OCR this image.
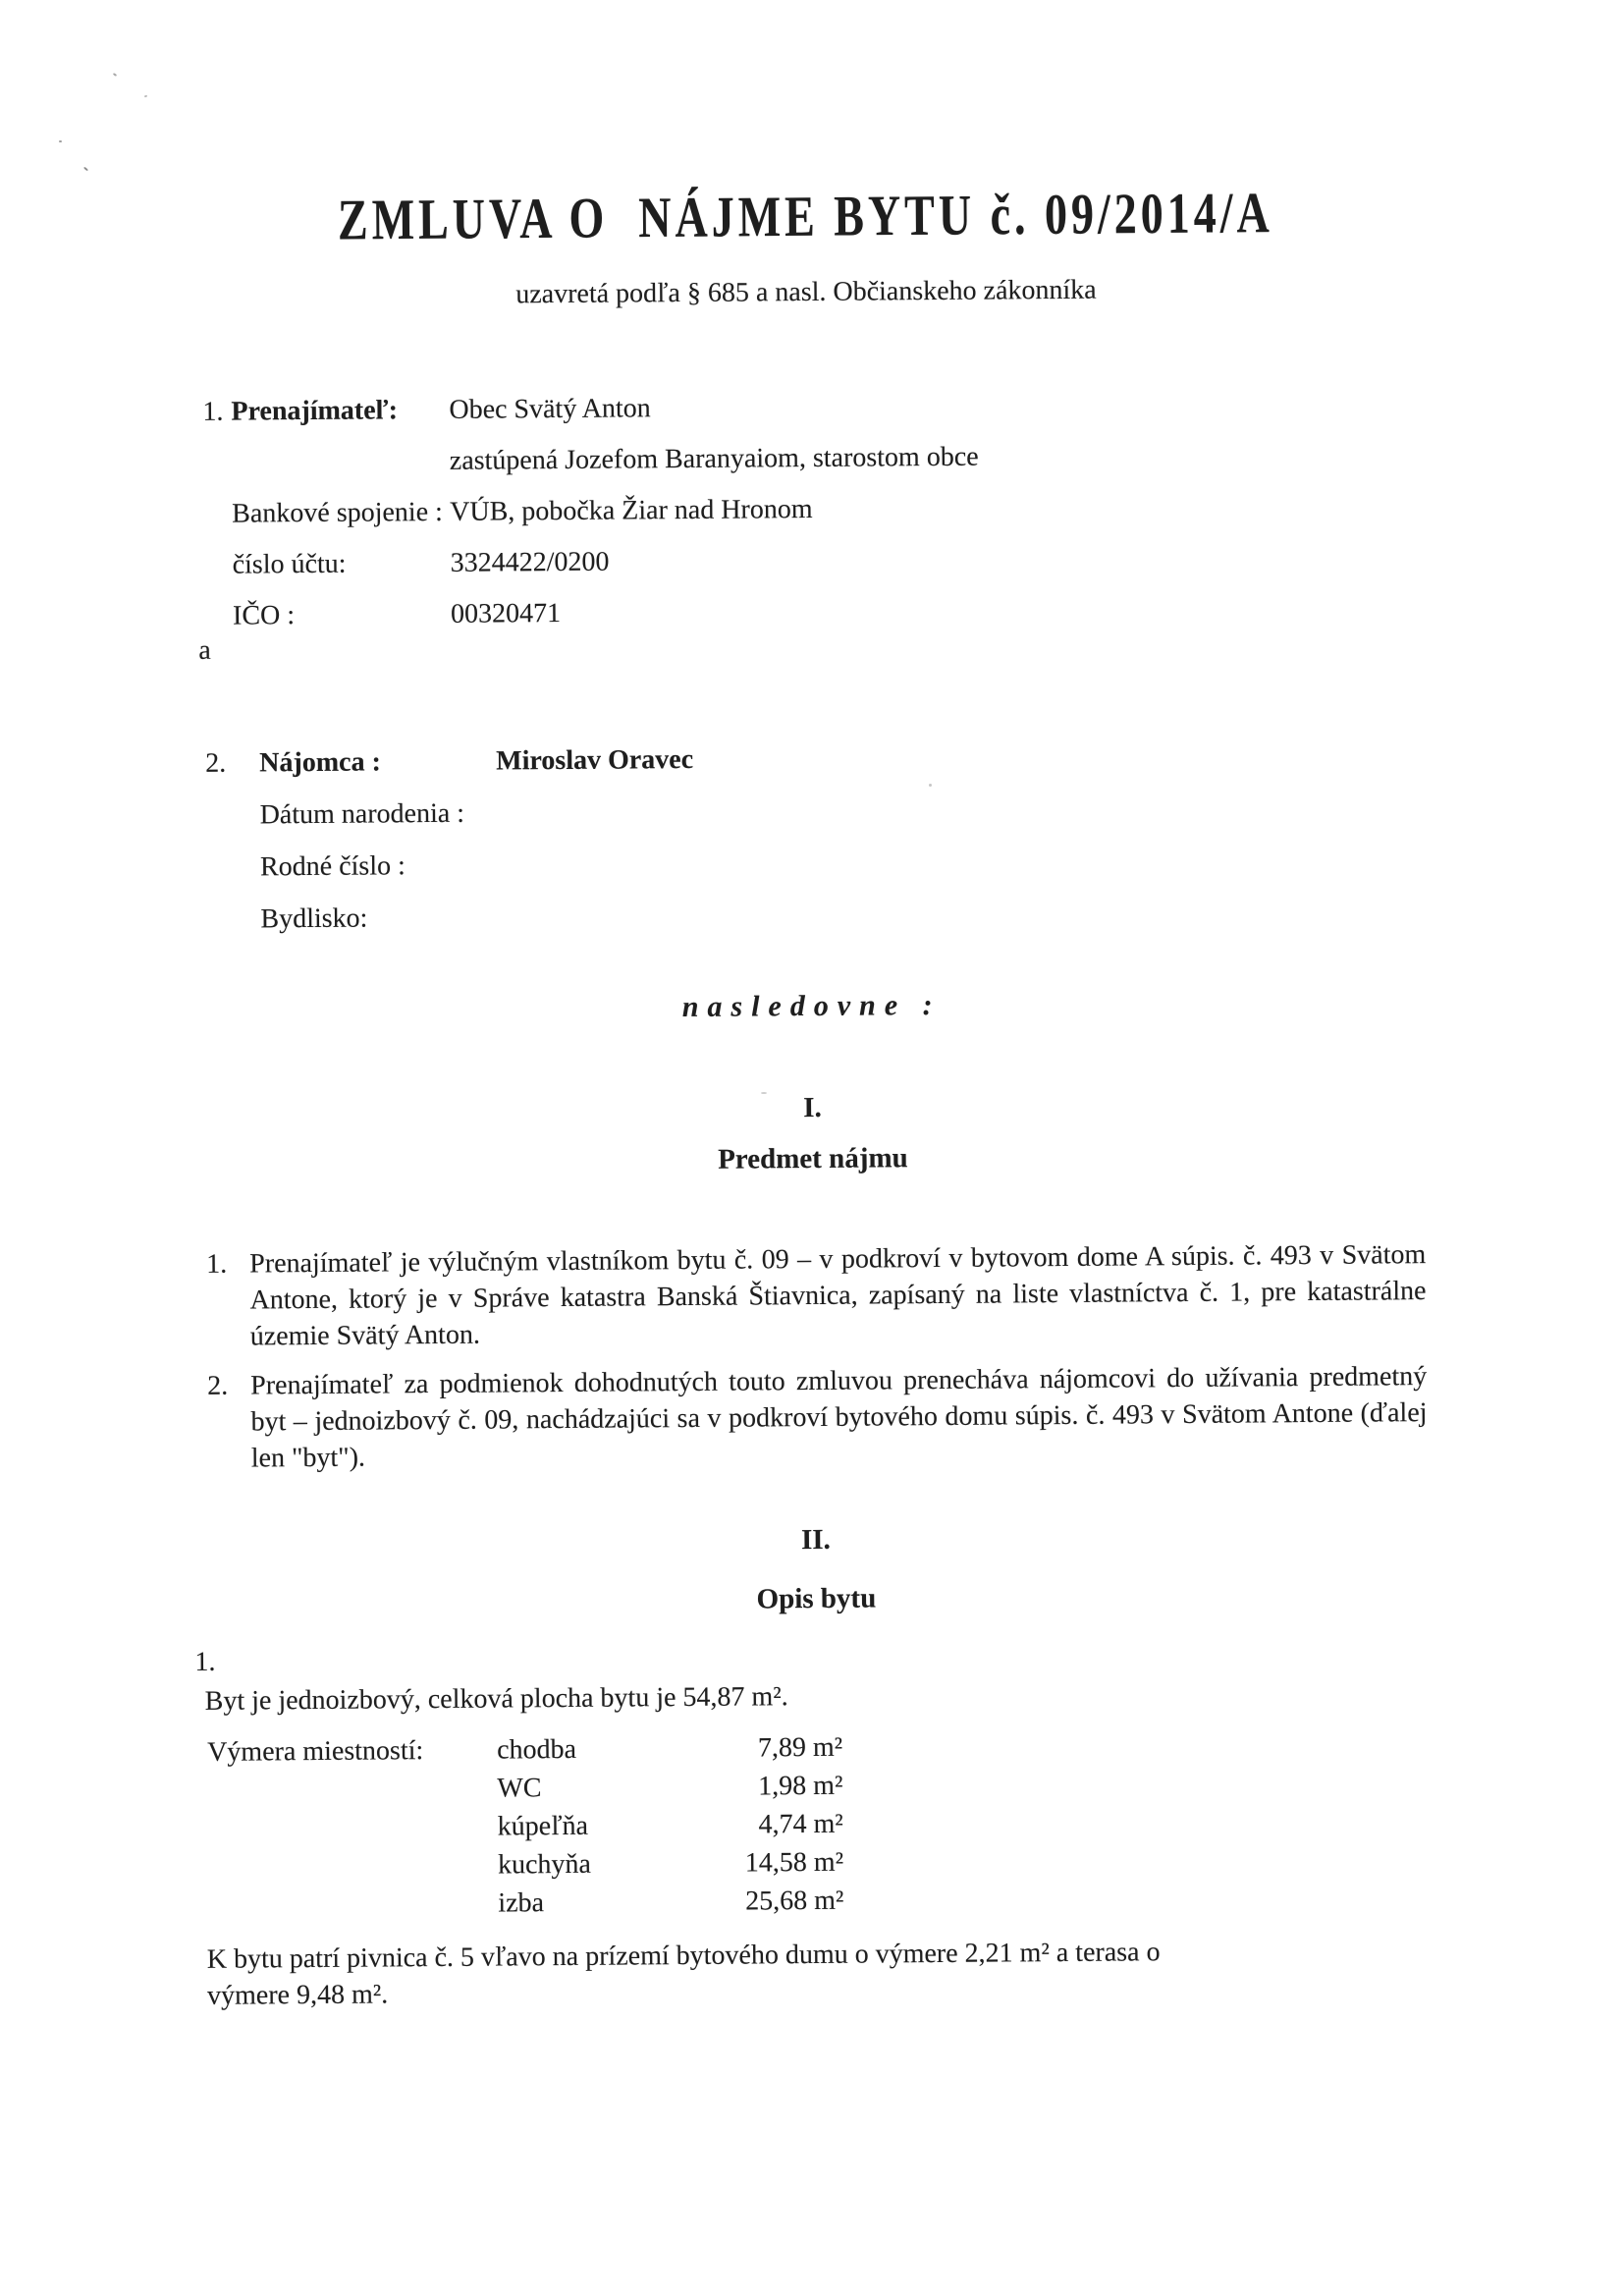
ZMLUVA O  NÁJME BYTU č. 09/2014/A
uzavretá podľa § 685 a nasl. Občianskeho zákonníka
1. Prenajímateľ:	Obec Svätý Anton
zastúpená Jozefom Baranyaiom, starostom obce
Bankové spojenie : VÚB, pobočka Žiar nad Hronom
číslo účtu:	3324422/0200
IČO :	00320471
a
2.	Nájomca :	Miroslav Oravec
Dátum narodenia :
Rodné číslo :
Bydlisko:
nasledovne :
I.
Predmet nájmu
1. Prenajímateľ je výlučným vlastníkom bytu č. 09 – v podkroví v bytovom dome A súpis. č. 493 v Svätom Antone, ktorý je v Správe katastra Banská Štiavnica, zapísaný na liste vlastníctva č. 1, pre katastrálne územie Svätý Anton.
2. Prenajímateľ za podmienok dohodnutých touto zmluvou prenecháva nájomcovi do užívania predmetný byt – jednoizbový č. 09, nachádzajúci sa v podkroví bytového domu súpis. č. 493 v Svätom Antone (ďalej len "byt").
II.
Opis bytu
1.
Byt je jednoizbový, celková plocha bytu je 54,87 m².
Výmera miestností:	chodba	7,89 m²
WC	1,98 m²
kúpeľňa	4,74 m²
kuchyňa	14,58 m²
izba	25,68 m²
K bytu patrí pivnica č. 5 vľavo na prízemí bytového dumu o výmere 2,21 m² a terasa o výmere 9,48 m².
